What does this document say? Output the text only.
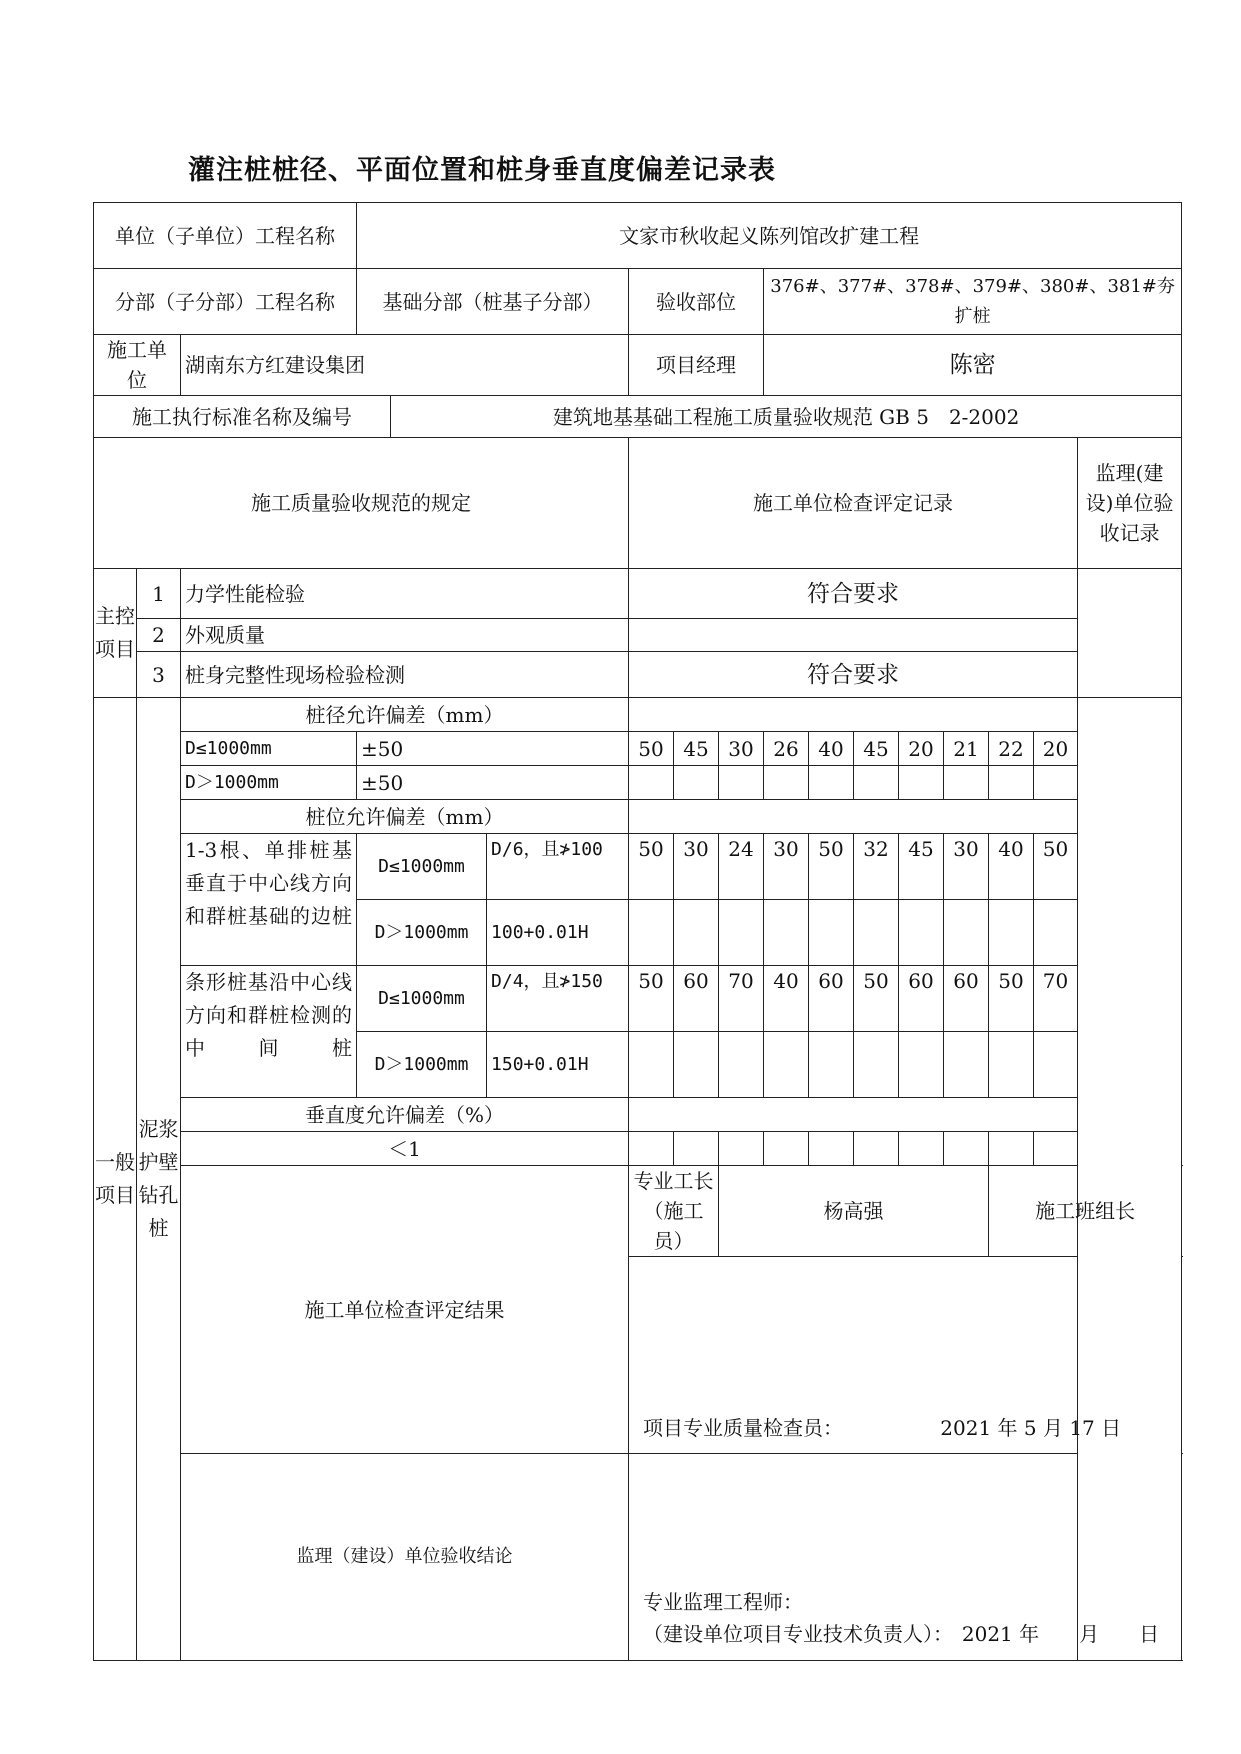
灌注桩桩径、平面位置和桩身垂直度偏差记录表
单位（子单位）工程名称			文家市秋收起义陈列馆改扩建工程														
分部（子分部）工程名称			基础分部（桩基子分部）			验收部位			376#、377#、378#、379#、380#、381#夯扩桩								
施工单位		湖南东方红建设集团				项目经理			陈密								
施工执行标准名称及编号				建筑地基基础工程施工质量验收规范 GB 5　2-2002													
施工质量验收规范的规定						施工单位检查评定记录										监理(建设)单位验收记录	
主控项目	1	力学性能检验				符合要求											
	2	外观质量															
	3	桩身完整性现场检验检测				符合要求											
一般项目	泥浆护壁钻孔桩	桩径允许偏差（mm）															
		D≤1000mm	±50			50	45	30	26	40	45	20	21	22	20		
		D＞1000mm	±50														
		桩位允许偏差（mm）															
		1-3根、单排桩基垂直于中心线方向和群桩基础的边桩	D≤1000mm		D/6，且≯100	50	30	24	30	50	32	45	30	40	50		
			D＞1000mm		100+0.01H												
		条形桩基沿中心线方向和群桩检测的中间桩	D≤1000mm		D/4，且≯150	50	60	70	40	60	50	60	60	50	70		
			D＞1000mm		150+0.01H												
		垂直度允许偏差（%）															
		＜1															
		施工单位检查评定结果				专业工长（施工员）		杨高强						施工班组长	

						项目专业质量检查员： 2021 年 5 月 17 日											

		监理（建设）单位验收结论				专业监理工程师：
（建设单位项目专业技术负责人）： 2021 年　　月　　日											
